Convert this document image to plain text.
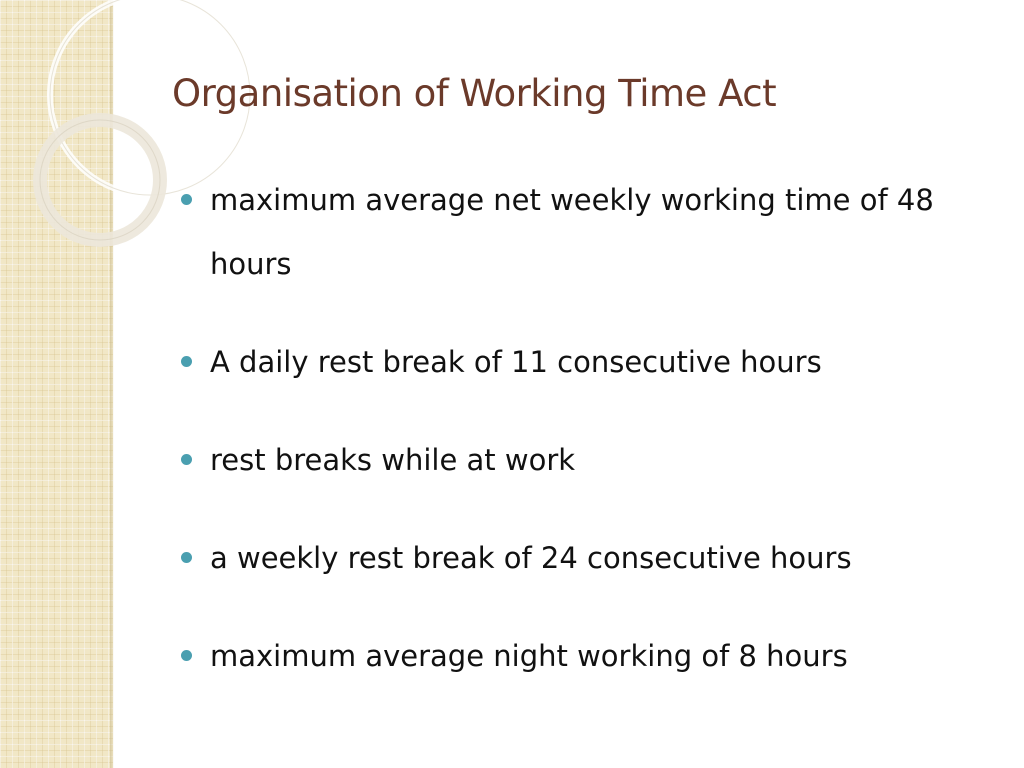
Organisation of Working Time Act
maximum average net weekly working time of 48 hours
A daily rest break of 11 consecutive hours
rest breaks while at work
a weekly rest break of 24 consecutive hours
maximum average night working of 8 hours
